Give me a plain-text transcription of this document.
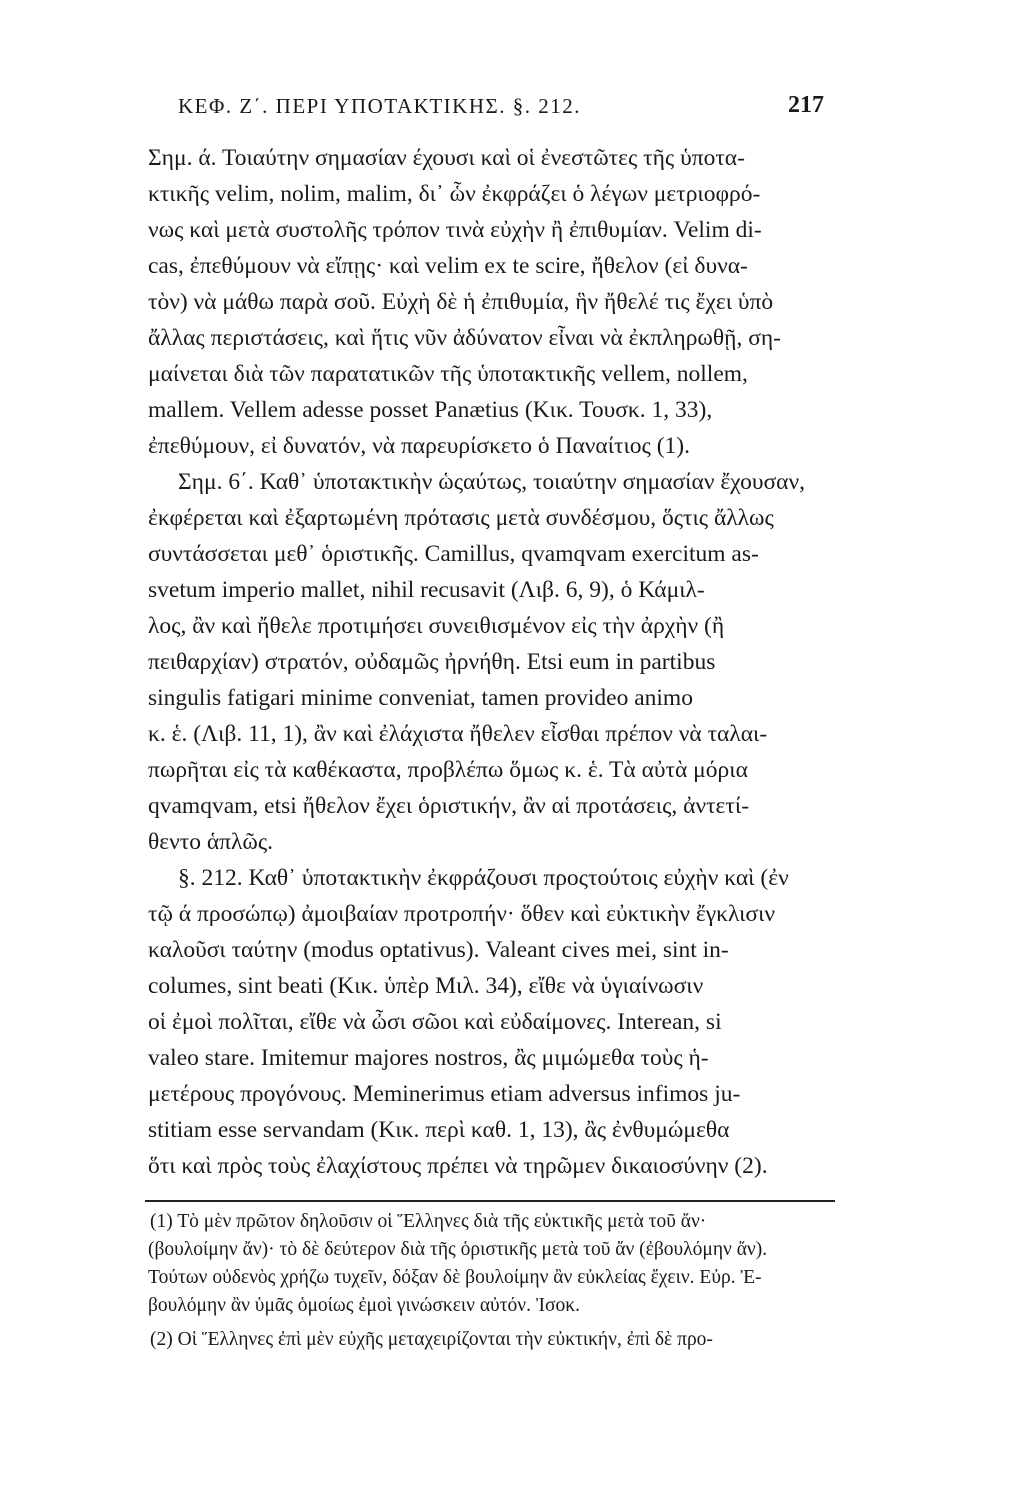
ΚΕΦ. Ζ΄. ΠΕΡΙ ΥΠΟΤΑΚΤΙΚΗΣ. §. 212.	217
Σημ. ά. Τοιαύτην σημασίαν έχουσι καὶ οἱ ἐνεστῶτες τῆς ὑποτα-
κτικῆς velim, nolim, malim, δι᾽ ὧν ἐκφράζει ὁ λέγων μετριοφρό-
νως καὶ μετὰ συστολῆς τρόπον τινὰ εὐχὴν ἢ ἐπιθυμίαν. Velim di-
cas, ἐπεθύμουν νὰ εἴπῃς· καὶ velim ex te scire, ἤθελον (εἰ δυνα-
τὸν) νὰ μάθω παρὰ σοῦ. Εὐχὴ δὲ ἡ ἐπιθυμία, ἣν ἤθελέ τις ἔχει ὑπὸ
ἄλλας περιστάσεις, καὶ ἥτις νῦν ἀδύνατον εἶναι νὰ ἐκπληρωθῇ, ση-
μαίνεται διὰ τῶν παρατατικῶν τῆς ὑποτακτικῆς vellem, nollem,
mallem. Vellem adesse posset Panætius (Κικ. Τουσκ. 1, 33),
ἐπεθύμουν, εἰ δυνατόν, νὰ παρευρίσκετο ὁ Παναίτιος (1).
Σημ. 6΄. Καθ᾽ ὑποτακτικὴν ὡςαύτως, τοιαύτην σημασίαν ἔχουσαν,
ἐκφέρεται καὶ ἐξαρτωμένη πρότασις μετὰ συνδέσμου, ὅςτις ἄλλως
συντάσσεται μεθ᾽ ὁριστικῆς. Camillus, qvamqvam exercitum as-
svetum imperio mallet, nihil recusavit (Λιβ. 6, 9), ὁ Κάμιλ-
λος, ἂν καὶ ἤθελε προτιμήσει συνειθισμένον εἰς τὴν ἀρχὴν (ἢ
πειθαρχίαν) στρατόν, οὐδαμῶς ἠρνήθη. Etsi eum in partibus
singulis fatigari minime conveniat, tamen provideo animo
κ. ἑ. (Λιβ. 11, 1), ἂν καὶ ἐλάχιστα ἤθελεν εἶσθαι πρέπον νὰ ταλαι-
πωρῆται εἰς τὰ καθέκαστα, προβλέπω ὅμως κ. ἑ. Τὰ αὐτὰ μόρια
qvamqvam, etsi ἤθελον ἔχει ὁριστικήν, ἂν αἱ προτάσεις, ἀντετί-
θεντο ἁπλῶς.
§. 212. Καθ᾽ ὑποτακτικὴν ἐκφράζουσι προςτούτοις εὐχὴν καὶ (ἐν
τῷ ά προσώπῳ) ἀμοιβαίαν προτροπήν· ὅθεν καὶ εὐκτικὴν ἔγκλισιν
καλοῦσι ταύτην (modus optativus). Valeant cives mei, sint in-
columes, sint beati (Κικ. ὑπὲρ Μιλ. 34), εἴθε νὰ ὑγιαίνωσιν
οἱ ἐμοὶ πολῖται, εἴθε νὰ ὦσι σῶοι καὶ εὐδαίμονες. Interean, si
valeo stare. Imitemur majores nostros, ἂς μιμώμεθα τοὺς ἡ-
μετέρους προγόνους. Meminerimus etiam adversus infimos ju-
stitiam esse servandam (Κικ. περὶ καθ. 1, 13), ἂς ἐνθυμώμεθα
ὅτι καὶ πρὸς τοὺς ἐλαχίστους πρέπει νὰ τηρῶμεν δικαιοσύνην (2).
(1) Τὸ μὲν πρῶτον δηλοῦσιν οἱ Ἕλληνες διὰ τῆς εὐκτικῆς μετὰ τοῦ ἄν·
(βουλοίμην ἄν)· τὸ δὲ δεύτερον διὰ τῆς ὁριστικῆς μετὰ τοῦ ἄν (ἐβουλόμην ἄν).
Τούτων οὐδενὸς χρήζω τυχεῖν, δόξαν δὲ βουλοίμην ἂν εὐκλείας ἔχειν. Εὐρ. Ἐ-
βουλόμην ἂν ὑμᾶς ὁμοίως ἐμοὶ γινώσκειν αὐτόν. Ἰσοκ.
(2) Οἱ Ἕλληνες ἐπὶ μὲν εὐχῆς μεταχειρίζονται τὴν εὐκτικήν, ἐπὶ δὲ προ-
